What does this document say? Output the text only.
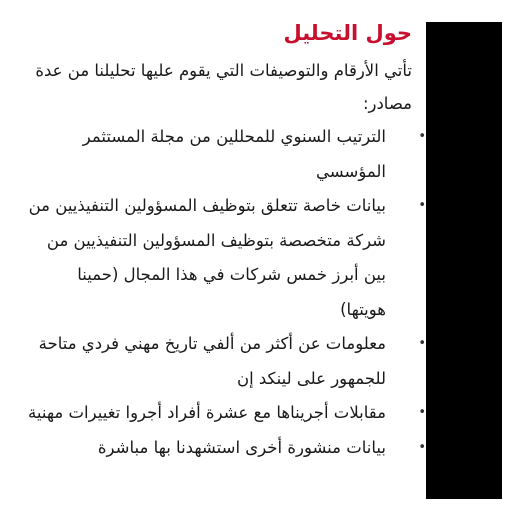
حول التحليل

تأتي الأرقام والتوصيفات التي يقوم عليها تحليلنا من عدة مصادر:

•
الترتيب السنوي للمحللين من مجلة المستثمر المؤسسي
•
بيانات خاصة تتعلق بتوظيف المسؤولين التنفيذيين من شركة متخصصة بتوظيف المسؤولين التنفيذيين من بين أبرز خمس شركات في هذا المجال (حمينا هويتها)
•
معلومات عن أكثر من ألفي تاريخ مهني فردي متاحة للجمهور على لينكد إن
•
مقابلات أجريناها مع عشرة أفراد أجروا تغييرات مهنية
•
بيانات منشورة أخرى استشهدنا بها مباشرة
